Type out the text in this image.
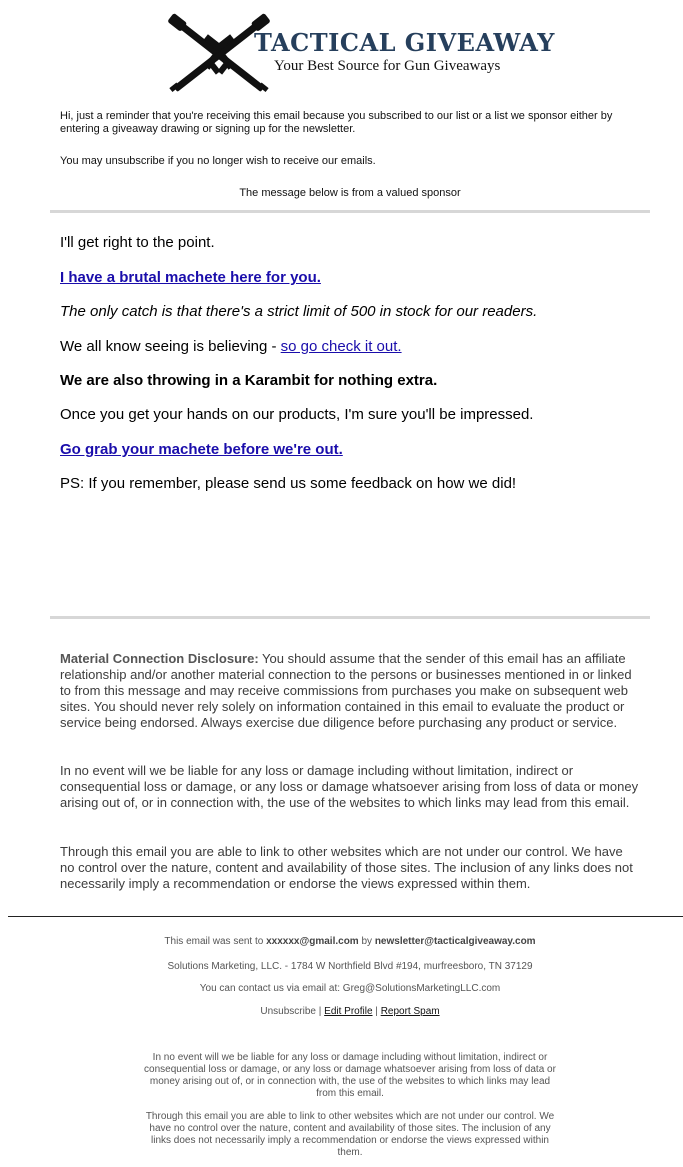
TACTICAL GIVEAWAY
Your Best Source for Gun Giveaways

Hi, just a reminder that you're receiving this email because you subscribed to our list or a list we sponsor either by entering a giveaway drawing or signing up for the newsletter.

You may unsubscribe if you no longer wish to receive our emails.

The message below is from a valued sponsor

I'll get right to the point.

I have a brutal machete here for you.

The only catch is that there's a strict limit of 500 in stock for our readers.

We all know seeing is believing - so go check it out.

We are also throwing in a Karambit for nothing extra.

Once you get your hands on our products, I'm sure you'll be impressed.

Go grab your machete before we're out.

PS: If you remember, please send us some feedback on how we did!

Material Connection Disclosure: You should assume that the sender of this email has an affiliate relationship and/or another material connection to the persons or businesses mentioned in or linked to from this message and may receive commissions from purchases you make on subsequent web sites. You should never rely solely on information contained in this email to evaluate the product or service being endorsed. Always exercise due diligence before purchasing any product or service.

In no event will we be liable for any loss or damage including without limitation, indirect or consequential loss or damage, or any loss or damage whatsoever arising from loss of data or money arising out of, or in connection with, the use of the websites to which links may lead from this email.

Through this email you are able to link to other websites which are not under our control. We have no control over the nature, content and availability of those sites. The inclusion of any links does not necessarily imply a recommendation or endorse the views expressed within them.

This email was sent to xxxxxx@gmail.com by newsletter@tacticalgiveaway.com

Solutions Marketing, LLC. - 1784 W Northfield Blvd #194, murfreesboro, TN 37129

You can contact us via email at: Greg@SolutionsMarketingLLC.com

Unsubscribe | Edit Profile | Report Spam

In no event will we be liable for any loss or damage including without limitation, indirect or consequential loss or damage, or any loss or damage whatsoever arising from loss of data or money arising out of, or in connection with, the use of the websites to which links may lead from this email.

Through this email you are able to link to other websites which are not under our control. We have no control over the nature, content and availability of those sites. The inclusion of any links does not necessarily imply a recommendation or endorse the views expressed within them.
